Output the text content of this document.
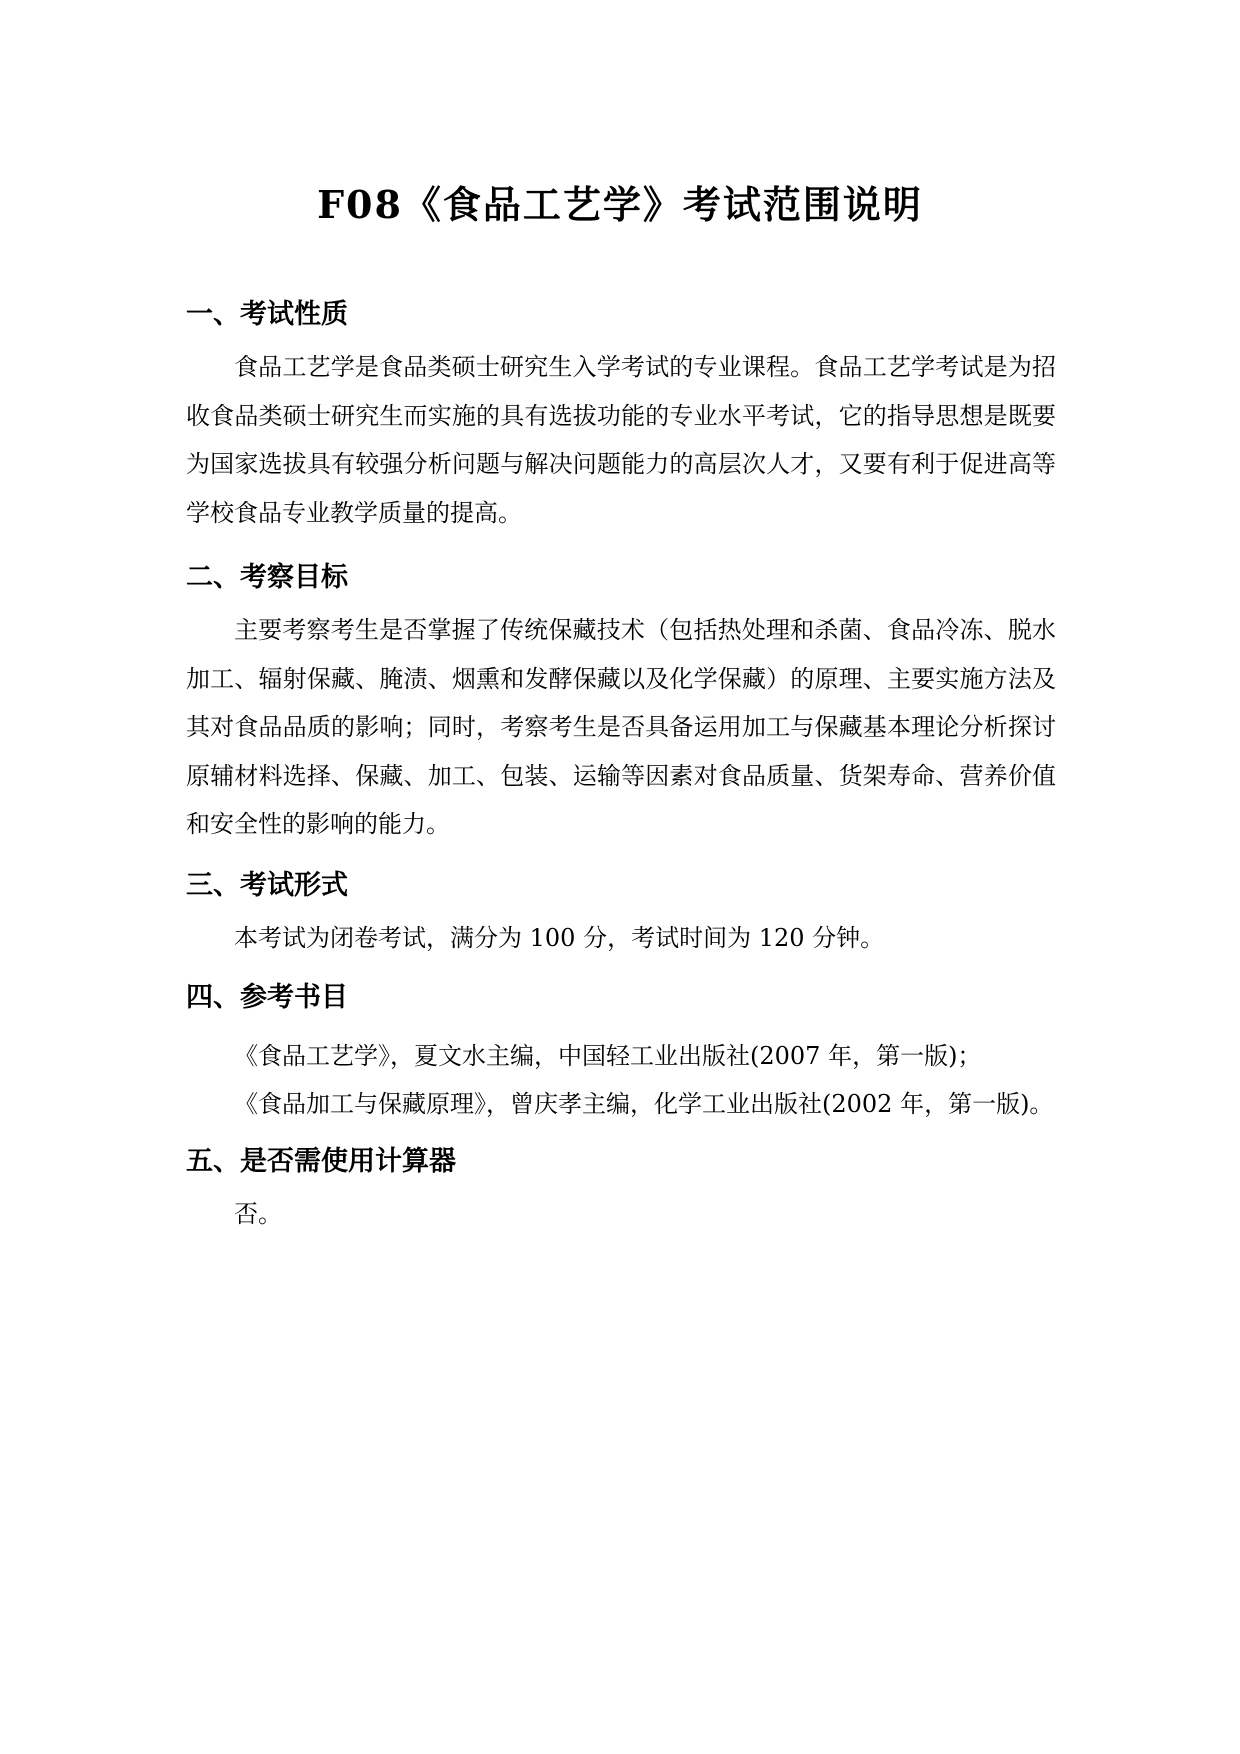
F08《食品工艺学》考试范围说明
一、考试性质

食品工艺学是食品类硕士研究生入学考试的专业课程。食品工艺学考试是为招收食品类硕士研究生而实施的具有选拔功能的专业水平考试，它的指导思想是既要为国家选拔具有较强分析问题与解决问题能力的高层次人才，又要有利于促进高等学校食品专业教学质量的提高。

二、考察目标

主要考察考生是否掌握了传统保藏技术（包括热处理和杀菌、食品冷冻、脱水加工、辐射保藏、腌渍、烟熏和发酵保藏以及化学保藏）的原理、主要实施方法及其对食品品质的影响；同时，考察考生是否具备运用加工与保藏基本理论分析探讨原辅材料选择、保藏、加工、包装、运输等因素对食品质量、货架寿命、营养价值和安全性的影响的能力。

三、考试形式

本考试为闭卷考试，满分为 100 分，考试时间为 120 分钟。

四、参考书目

《食品工艺学》，夏文水主编，中国轻工业出版社(2007 年，第一版)；

《食品加工与保藏原理》，曾庆孝主编，化学工业出版社(2002 年，第一版)。

五、是否需使用计算器

否。
